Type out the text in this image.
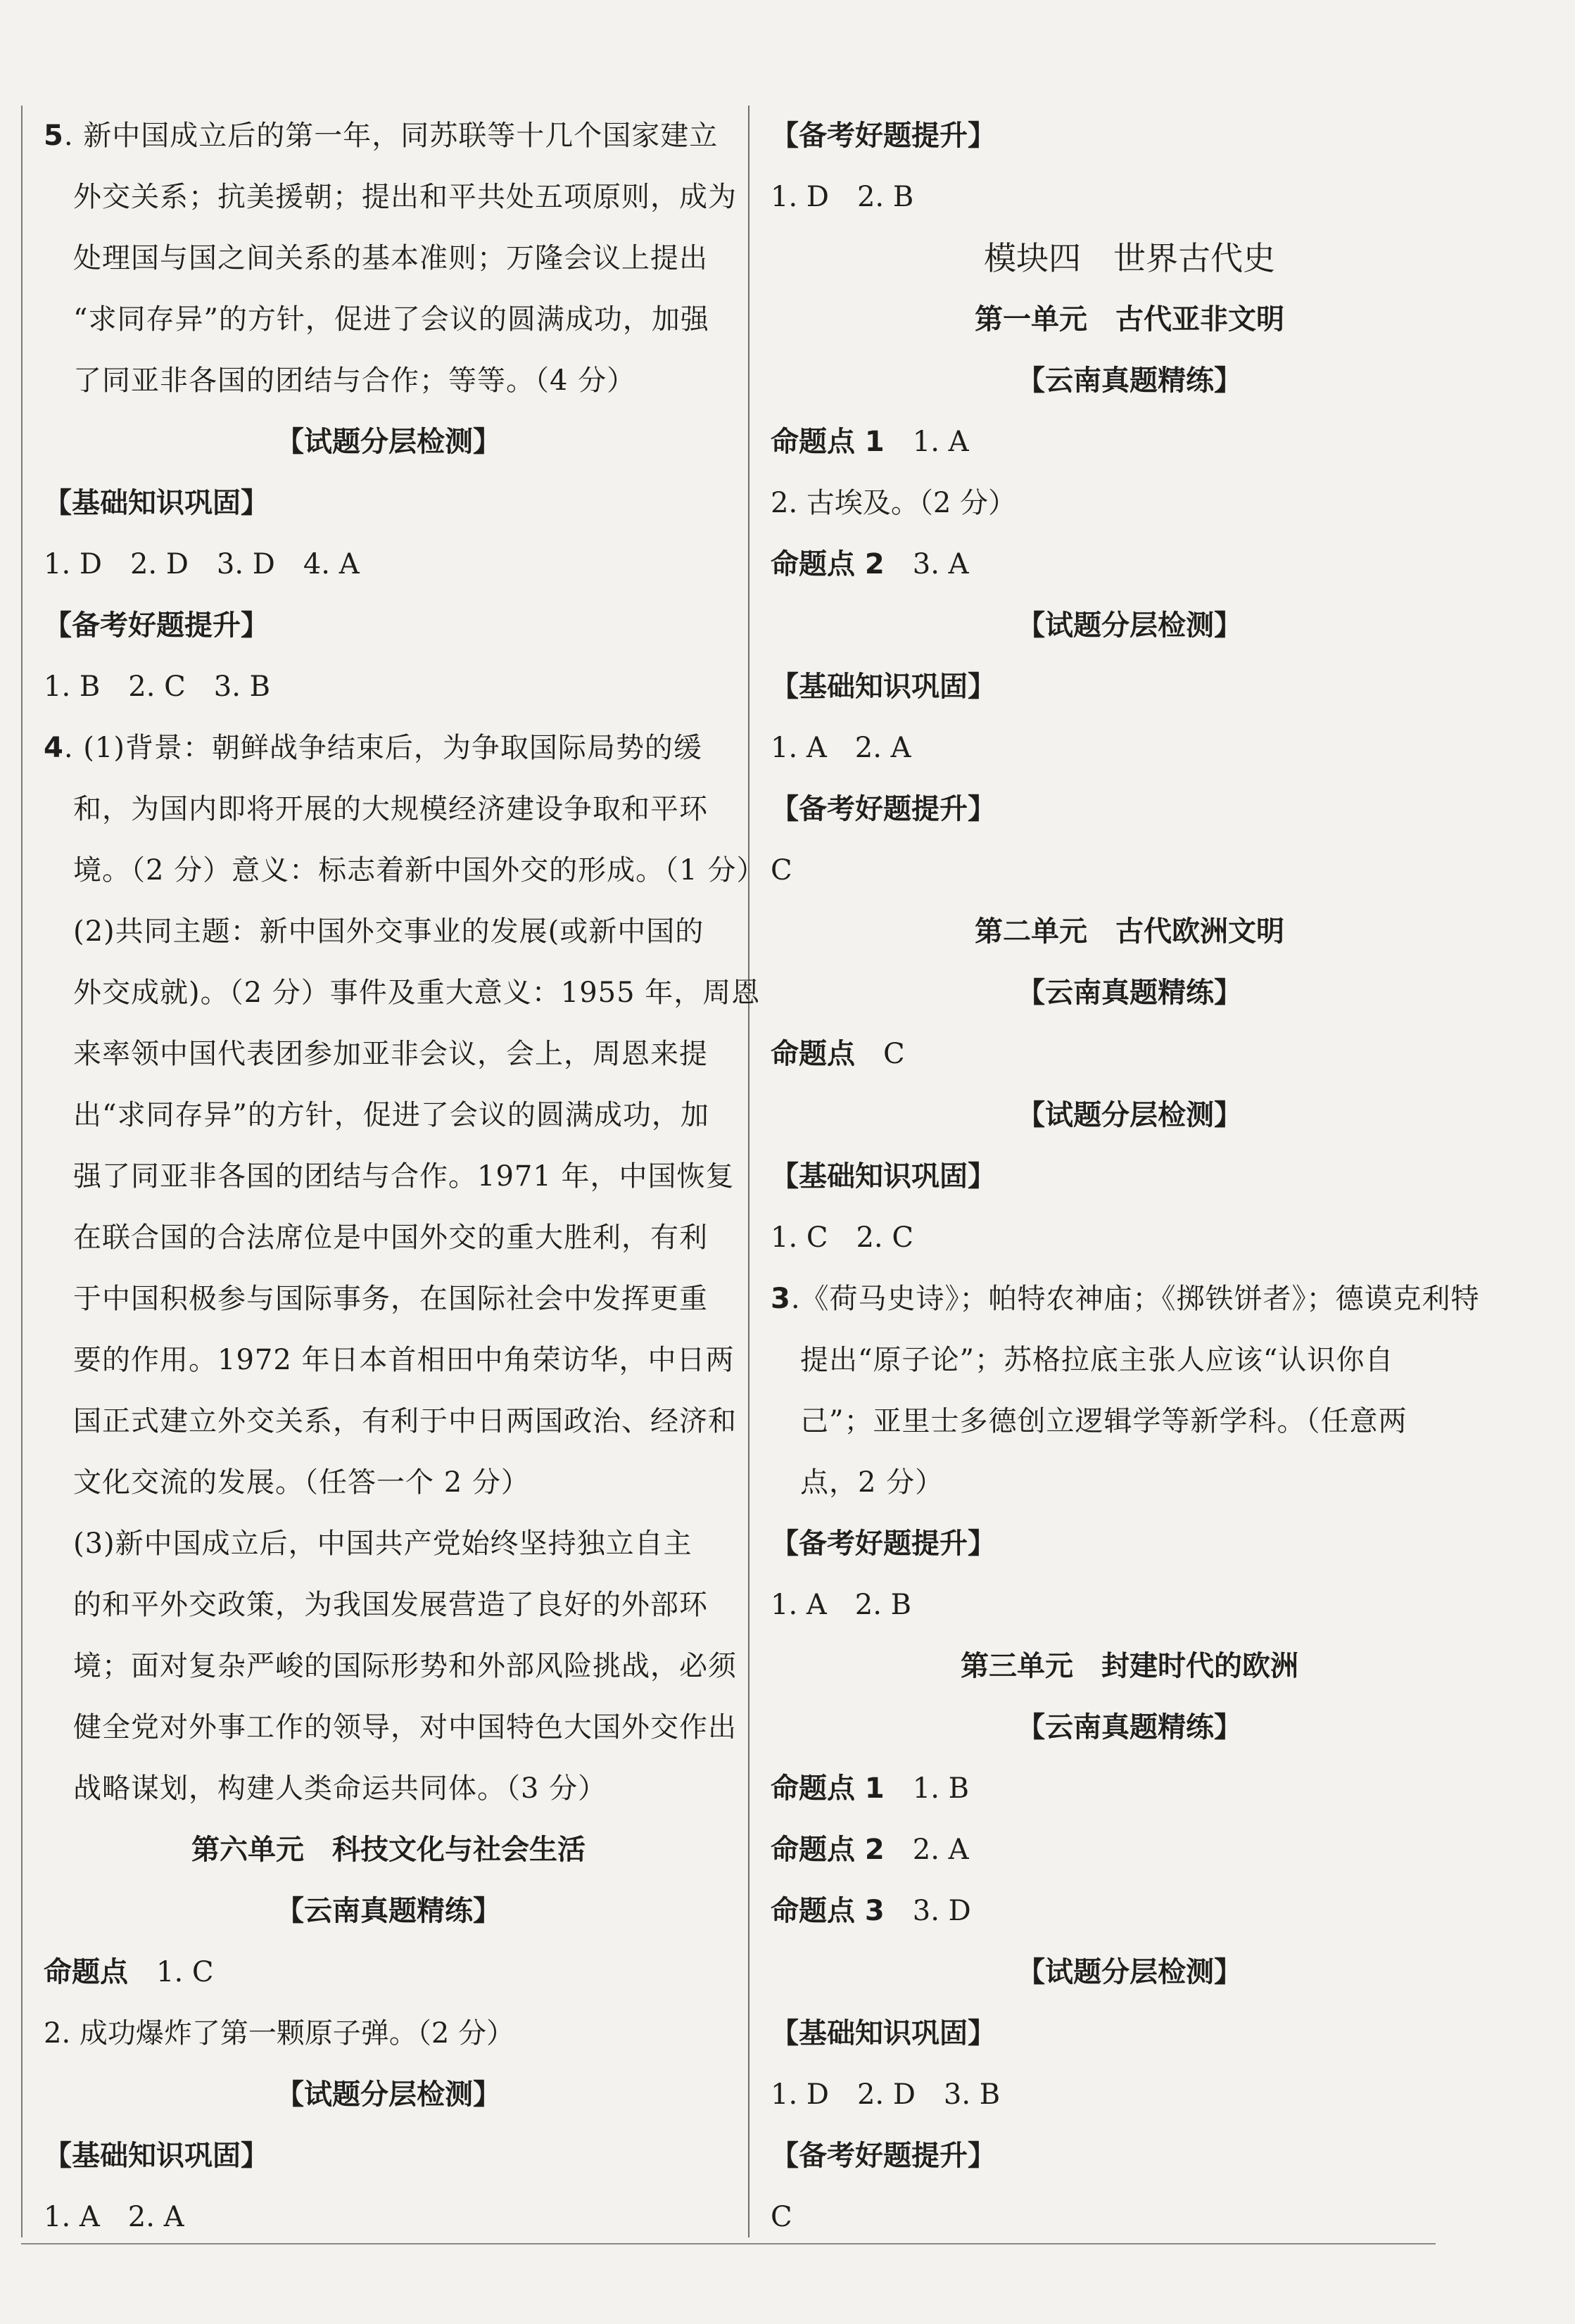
5. 新中国成立后的第一年，同苏联等十几个国家建立
外交关系；抗美援朝；提出和平共处五项原则，成为
处理国与国之间关系的基本准则；万隆会议上提出
“求同存异”的方针，促进了会议的圆满成功，加强
了同亚非各国的团结与合作；等等。（4 分）
【试题分层检测】
【基础知识巩固】
1. D　2. D　3. D　4. A
【备考好题提升】
1. B　2. C　3. B
4. (1)背景：朝鲜战争结束后，为争取国际局势的缓
和，为国内即将开展的大规模经济建设争取和平环
境。（2 分）意义：标志着新中国外交的形成。（1 分）
(2)共同主题：新中国外交事业的发展(或新中国的
外交成就)。（2 分）事件及重大意义：1955 年，周恩
来率领中国代表团参加亚非会议，会上，周恩来提
出“求同存异”的方针，促进了会议的圆满成功，加
强了同亚非各国的团结与合作。1971 年，中国恢复
在联合国的合法席位是中国外交的重大胜利，有利
于中国积极参与国际事务，在国际社会中发挥更重
要的作用。1972 年日本首相田中角荣访华，中日两
国正式建立外交关系，有利于中日两国政治、经济和
文化交流的发展。（任答一个 2 分）
(3)新中国成立后，中国共产党始终坚持独立自主
的和平外交政策，为我国发展营造了良好的外部环
境；面对复杂严峻的国际形势和外部风险挑战，必须
健全党对外事工作的领导，对中国特色大国外交作出
战略谋划，构建人类命运共同体。（3 分）
第六单元　科技文化与社会生活
【云南真题精练】
命题点　 1. C
2. 成功爆炸了第一颗原子弹。（2 分）
【试题分层检测】
【基础知识巩固】
1. A　2. A
【备考好题提升】
1. D　2. B
模块四　世界古代史
第一单元　古代亚非文明
【云南真题精练】
命题点 1　 1. A
2. 古埃及。（2 分）
命题点 2　 3. A
【试题分层检测】
【基础知识巩固】
1. A　2. A
【备考好题提升】
C
第二单元　古代欧洲文明
【云南真题精练】
命题点　 C
【试题分层检测】
【基础知识巩固】
1. C　2. C
3.《荷马史诗》；帕特农神庙；《掷铁饼者》；德谟克利特
提出“原子论”；苏格拉底主张人应该“认识你自
己”；亚里士多德创立逻辑学等新学科。（任意两
点，2 分）
【备考好题提升】
1. A　2. B
第三单元　封建时代的欧洲
【云南真题精练】
命题点 1　 1. B
命题点 2　 2. A
命题点 3　 3. D
【试题分层检测】
【基础知识巩固】
1. D　2. D　3. B
【备考好题提升】
C
